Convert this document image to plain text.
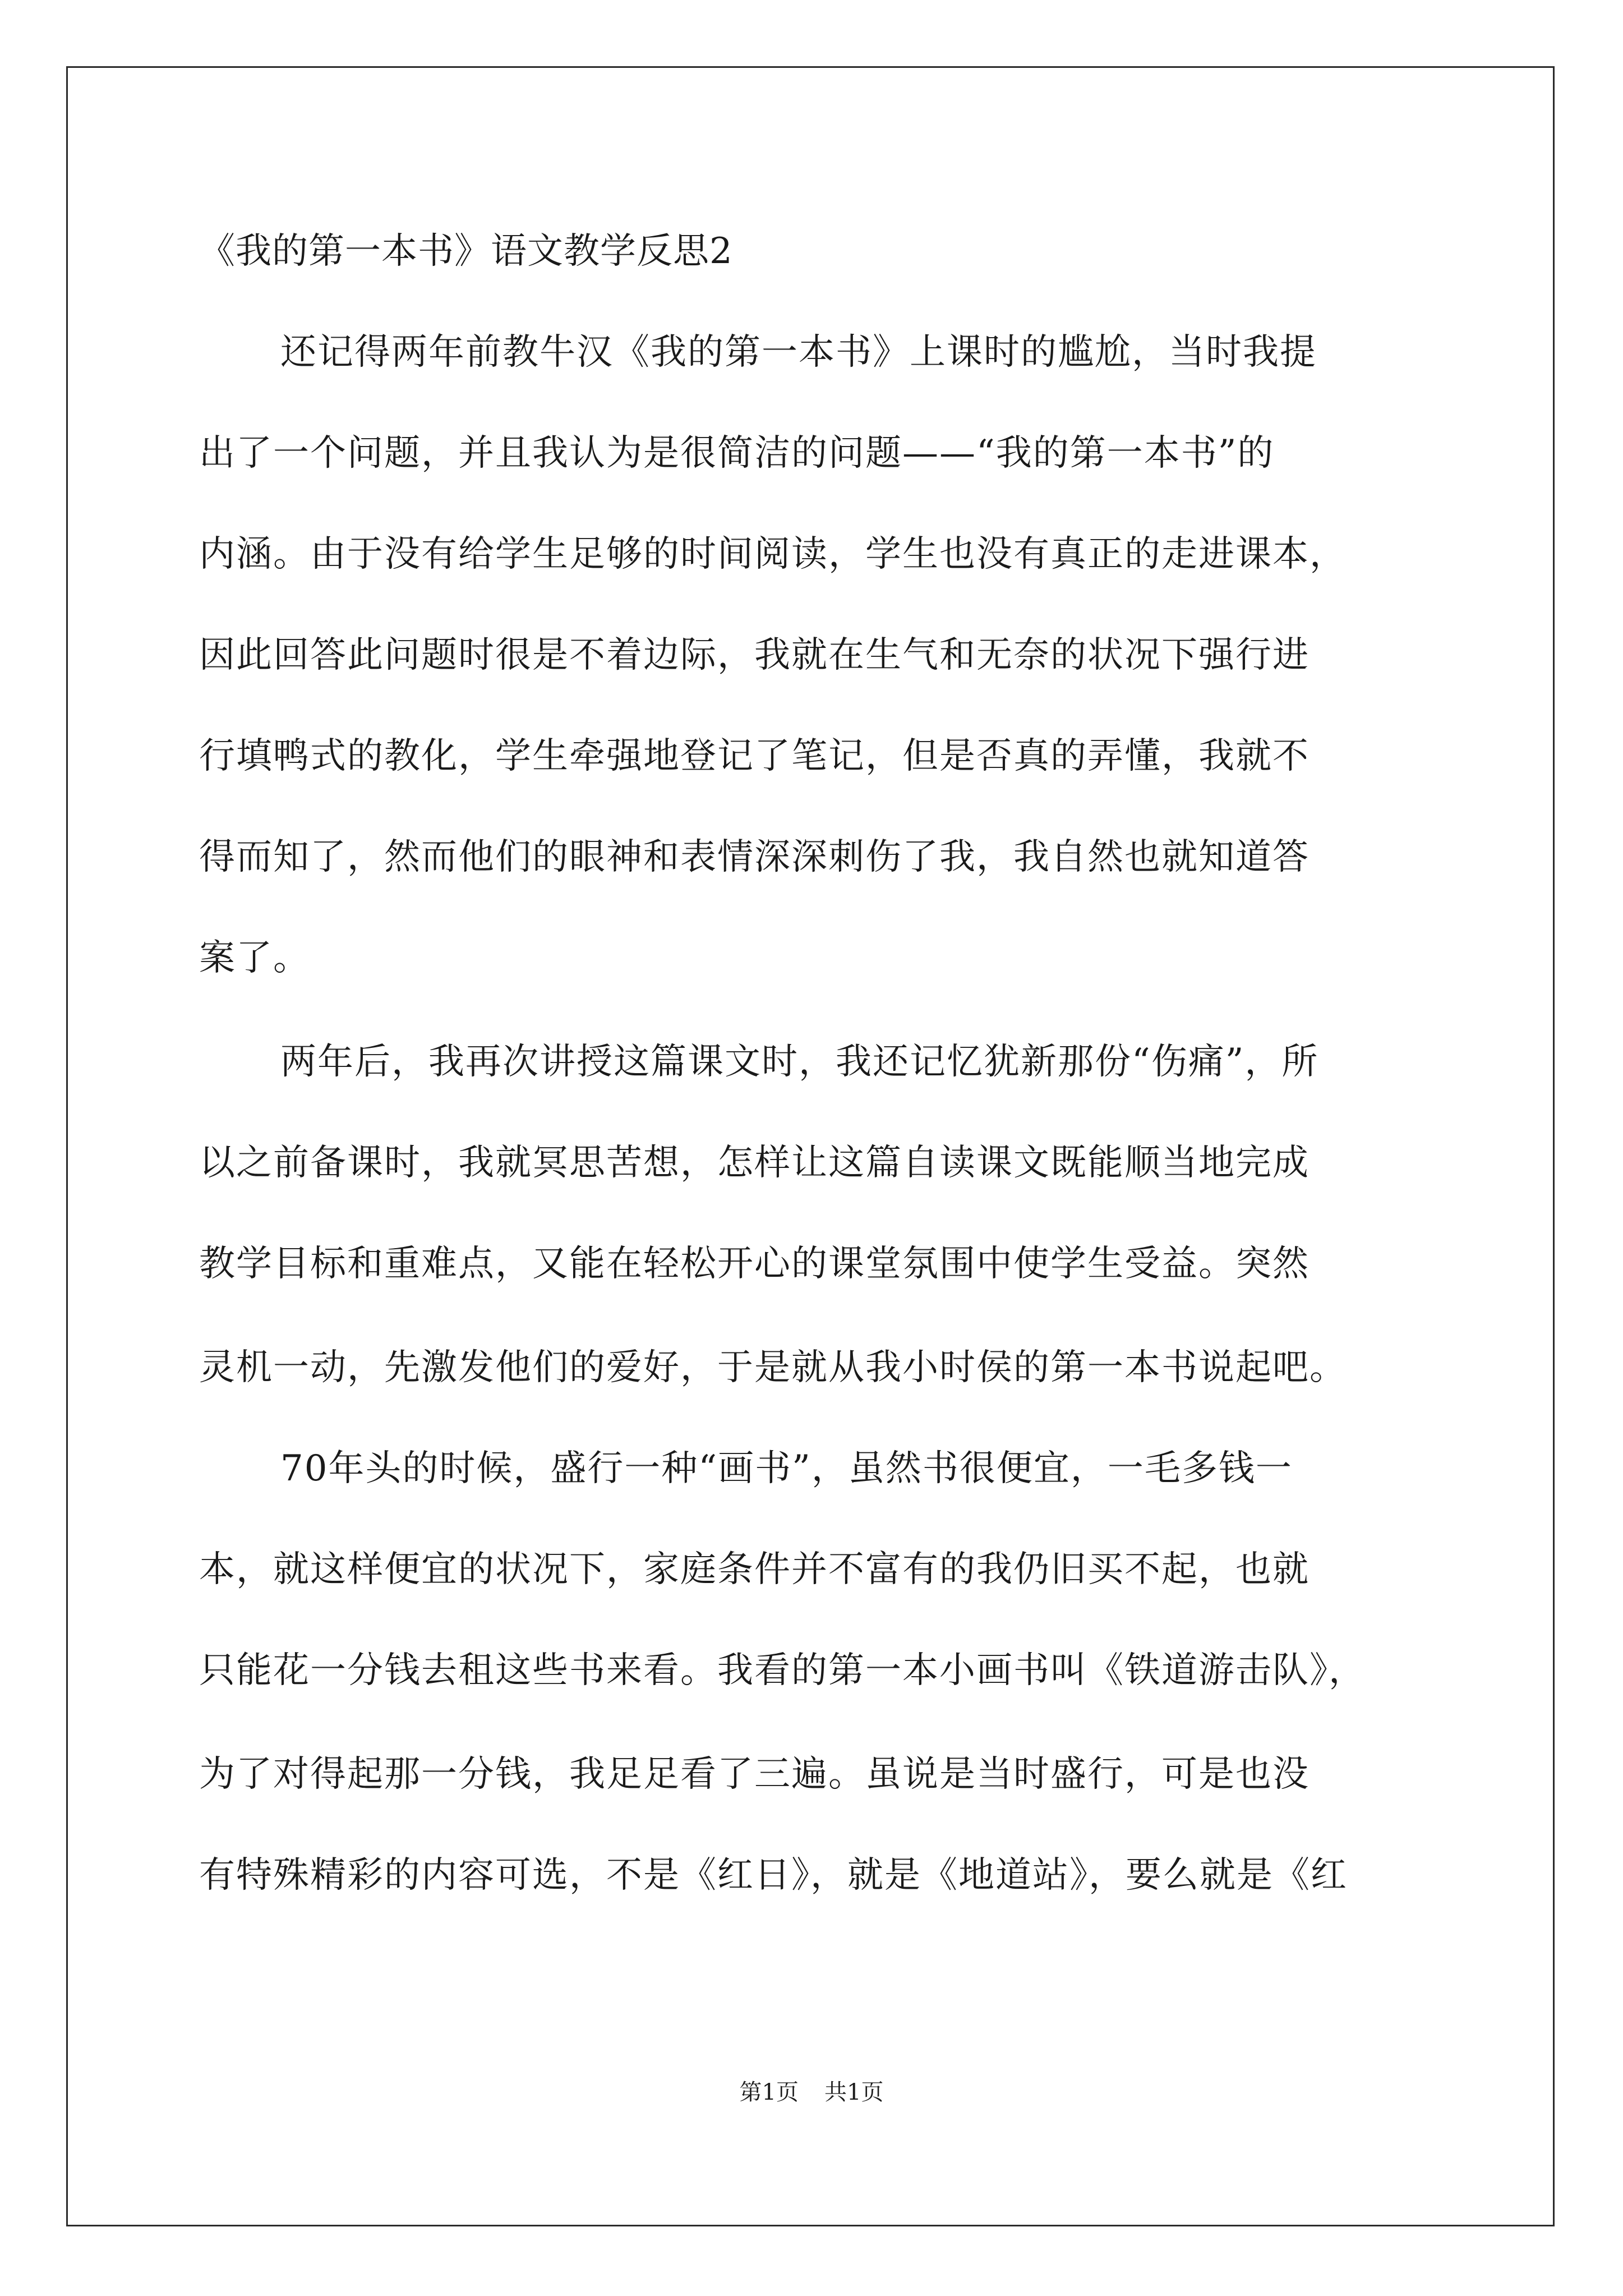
《我的第一本书》语文教学反思2

还记得两年前教牛汉《我的第一本书》上课时的尴尬，当时我提

出了一个问题，并且我认为是很简洁的问题——“我的第一本书”的

内涵。由于没有给学生足够的时间阅读，学生也没有真正的走进课本，

因此回答此问题时很是不着边际，我就在生气和无奈的状况下强行进

行填鸭式的教化，学生牵强地登记了笔记，但是否真的弄懂，我就不

得而知了，然而他们的眼神和表情深深刺伤了我，我自然也就知道答

案了。

两年后，我再次讲授这篇课文时，我还记忆犹新那份“伤痛”，所

以之前备课时，我就冥思苦想，怎样让这篇自读课文既能顺当地完成

教学目标和重难点，又能在轻松开心的课堂氛围中使学生受益。突然

灵机一动，先激发他们的爱好，于是就从我小时侯的第一本书说起吧。

70年头的时候，盛行一种“画书”，虽然书很便宜，一毛多钱一

本，就这样便宜的状况下，家庭条件并不富有的我仍旧买不起，也就

只能花一分钱去租这些书来看。我看的第一本小画书叫《铁道游击队》，

为了对得起那一分钱，我足足看了三遍。虽说是当时盛行，可是也没

有特殊精彩的内容可选，不是《红日》，就是《地道站》，要么就是《红

第1页 共1页
